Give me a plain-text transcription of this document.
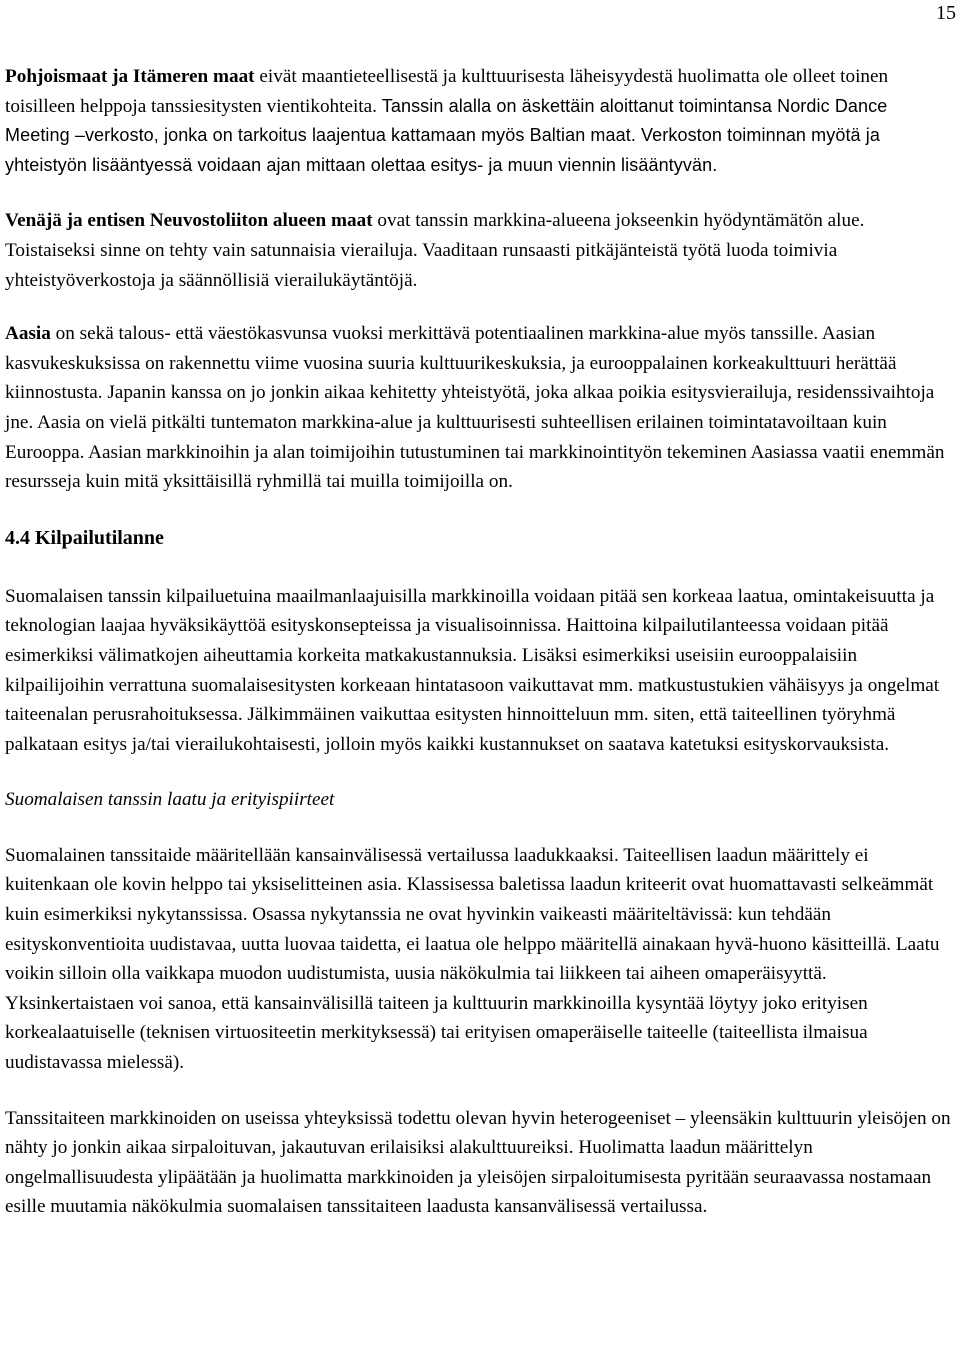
15

Pohjoismaat ja Itämeren maat eivät maantieteellisestä ja kulttuurisesta läheisyydestä huolimatta ole olleet toinen toisilleen helppoja tanssiesitysten vientikohteita. Tanssin alalla on äskettäin aloittanut toimintansa Nordic Dance Meeting –verkosto, jonka on tarkoitus laajentua kattamaan myös Baltian maat. Verkoston toiminnan myötä ja yhteistyön lisääntyessä voidaan ajan mittaan olettaa esitys- ja muun viennin lisääntyvän.

Venäjä ja entisen Neuvostoliiton alueen maat ovat tanssin markkina-alueena jokseenkin hyödyntämätön alue. Toistaiseksi sinne on tehty vain satunnaisia vierailuja. Vaaditaan runsaasti pitkäjänteistä työtä luoda toimivia yhteistyöverkostoja ja säännöllisiä vierailukäytäntöjä.

Aasia on sekä talous- että väestökasvunsa vuoksi merkittävä potentiaalinen markkina-alue myös tanssille. Aasian kasvukeskuksissa on rakennettu viime vuosina suuria kulttuurikeskuksia, ja eurooppalainen korkeakulttuuri herättää kiinnostusta. Japanin kanssa on jo jonkin aikaa kehitetty yhteistyötä, joka alkaa poikia esitysvierailuja, residenssivaihtoja jne. Aasia on vielä pitkälti tuntematon markkina-alue ja kulttuurisesti suhteellisen erilainen toimintatavoiltaan kuin Eurooppa. Aasian markkinoihin ja alan toimijoihin tutustuminen tai markkinointityön tekeminen Aasiassa vaatii enemmän resursseja kuin mitä yksittäisillä ryhmillä tai muilla toimijoilla on.

4.4 Kilpailutilanne

Suomalaisen tanssin kilpailuetuina maailmanlaajuisilla markkinoilla voidaan pitää sen korkeaa laatua, omintakeisuutta ja teknologian laajaa hyväksikäyttöä esityskonsepteissa ja visualisoinnissa. Haittoina kilpailutilanteessa voidaan pitää esimerkiksi välimatkojen aiheuttamia korkeita matkakustannuksia. Lisäksi esimerkiksi useisiin eurooppalaisiin kilpailijoihin verrattuna suomalaisesitysten korkeaan hintatasoon vaikuttavat mm. matkustustukien vähäisyys ja ongelmat taiteenalan perusrahoituksessa. Jälkimmäinen vaikuttaa esitysten hinnoitteluun mm. siten, että taiteellinen työryhmä palkataan esitys ja/tai vierailukohtaisesti, jolloin myös kaikki kustannukset on saatava katetuksi esityskorvauksista.

Suomalaisen tanssin laatu ja erityispiirteet

Suomalainen tanssitaide määritellään kansainvälisessä vertailussa laadukkaaksi. Taiteellisen laadun määrittely ei kuitenkaan ole kovin helppo tai yksiselitteinen asia. Klassisessa baletissa laadun kriteerit ovat huomattavasti selkeämmät kuin esimerkiksi nykytanssissa. Osassa nykytanssia ne ovat hyvinkin vaikeasti määriteltävissä: kun tehdään esityskonventioita uudistavaa, uutta luovaa taidetta, ei laatua ole helppo määritellä ainakaan hyvä-huono käsitteillä. Laatu voikin silloin olla vaikkapa muodon uudistumista, uusia näkökulmia tai liikkeen tai aiheen omaperäisyyttä. Yksinkertaistaen voi sanoa, että kansainvälisillä taiteen ja kulttuurin markkinoilla kysyntää löytyy joko erityisen korkealaatuiselle (teknisen virtuositeetin merkityksessä) tai erityisen omaperäiselle taiteelle (taiteellista ilmaisua uudistavassa mielessä).

Tanssitaiteen markkinoiden on useissa yhteyksissä todettu olevan hyvin heterogeeniset – yleensäkin kulttuurin yleisöjen on nähty jo jonkin aikaa sirpaloituvan, jakautuvan erilaisiksi alakulttuureiksi. Huolimatta laadun määrittelyn ongelmallisuudesta ylipäätään ja huolimatta markkinoiden ja yleisöjen sirpaloitumisesta pyritään seuraavassa nostamaan esille muutamia näkökulmia suomalaisen tanssitaiteen laadusta kansanvälisessä vertailussa.
